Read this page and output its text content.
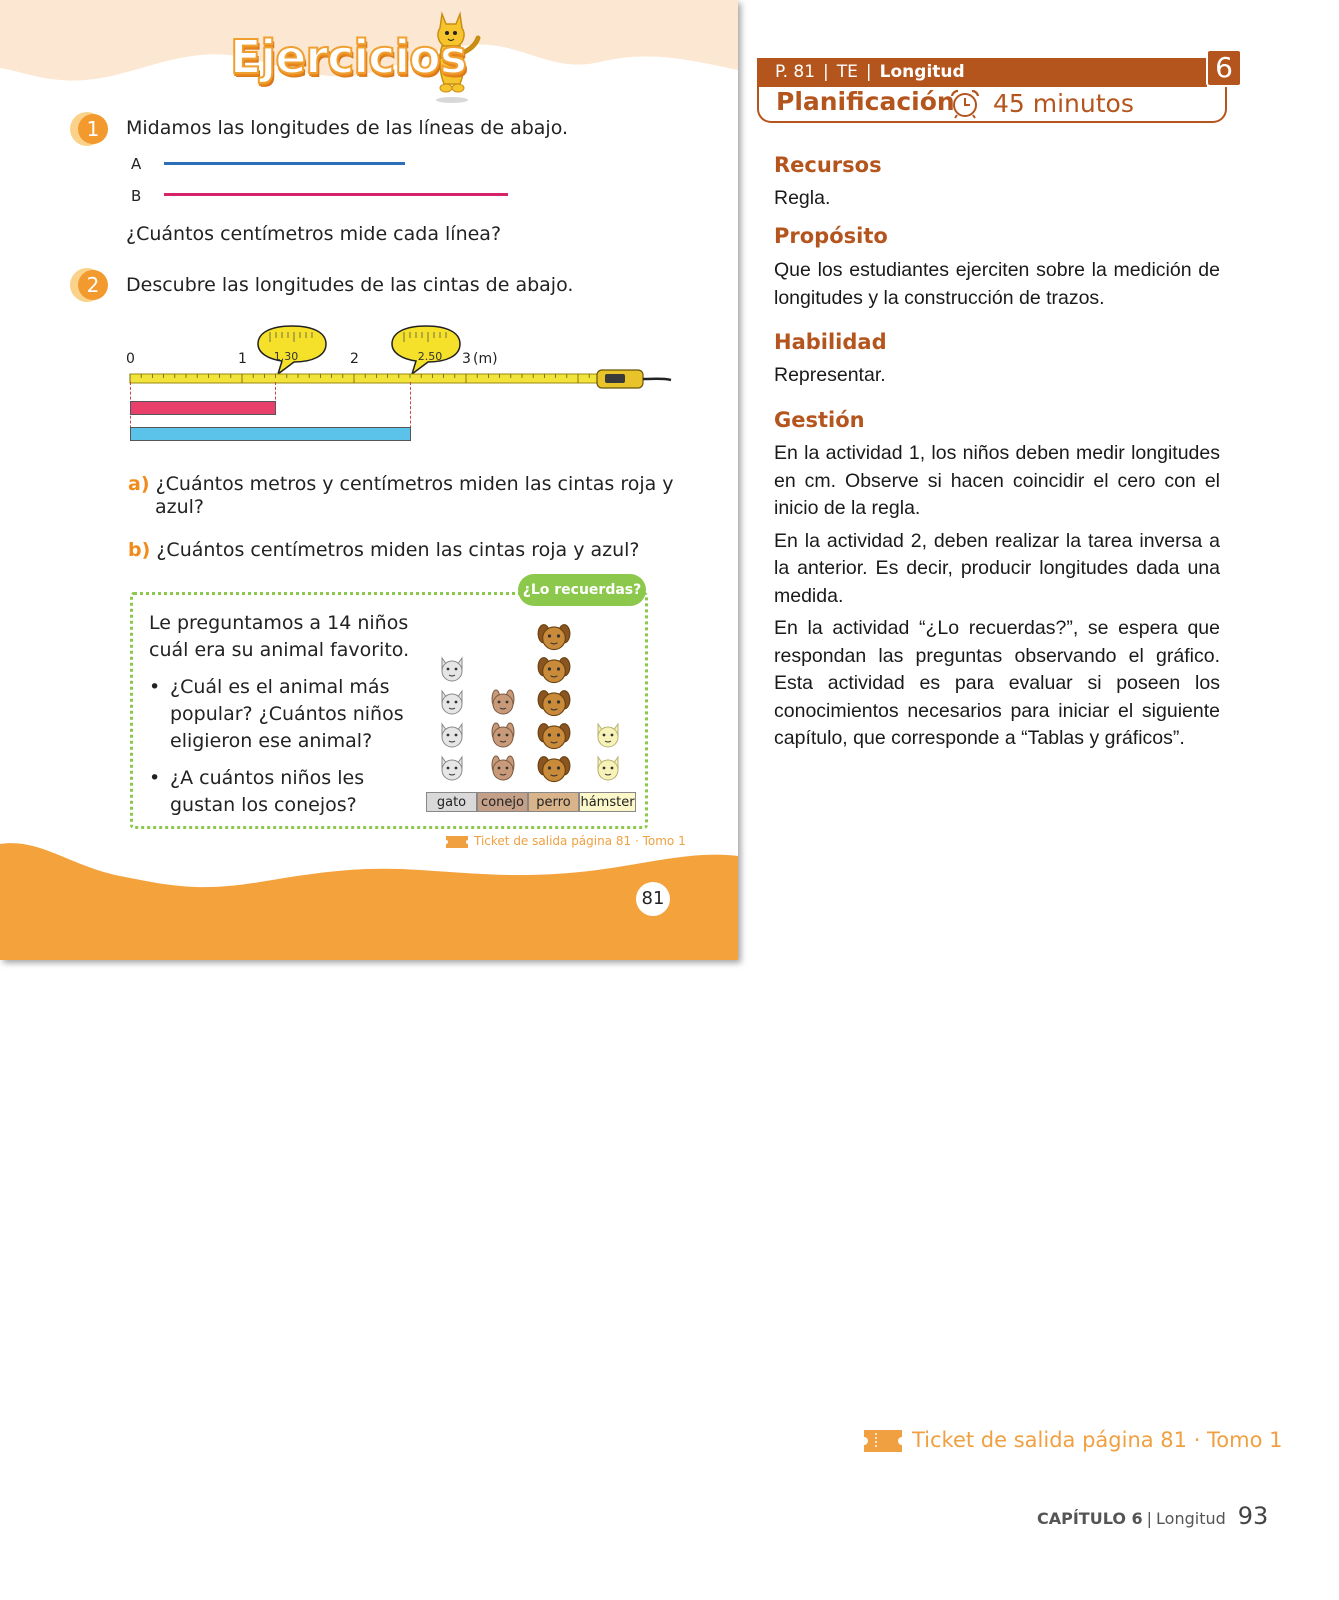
Ejercicios
1	Midamos las longitudes de las líneas de abajo.
A
B
¿Cuántos centímetros mide cada línea?
2	Descubre las longitudes de las cintas de abajo.
0	1	2	3 (m)
1.30	2.50
a) ¿Cuántos metros y centímetros miden las cintas roja y
azul?
b) ¿Cuántos centímetros miden las cintas roja y azul?
¿Lo recuerdas?
Le preguntamos a 14 niños
cuál era su animal favorito.
• ¿Cuál es el animal más
popular? ¿Cuántos niños
eligieron ese animal?
• ¿A cuántos niños les
gustan los conejos?	gato	conejo perro hámster
Ticket de salida página 81 · Tomo 1
81
P. 81 | TE | Longitud	6
Planificación 45 minutos
Recursos
Regla.
Propósito
Que los estudiantes ejerciten sobre la medición de longitudes y la construcción de trazos.
Habilidad
Representar.
Gestión

En la actividad 1, los niños deben medir longitudes en cm. Observe si hacen coincidir el cero con el inicio de la regla.

En la actividad 2, deben realizar la tarea inversa a la anterior. Es decir, producir longitudes dada una medida.

En la actividad “¿Lo recuerdas?”, se espera que respondan las preguntas observando el gráfico. Esta actividad es para evaluar si poseen los conocimientos necesarios para iniciar el siguiente capítulo, que corresponde a “Tablas y gráficos”.

Ticket de salida página 81 · Tomo 1
CAPÍTULO 6 | Longitud 93
